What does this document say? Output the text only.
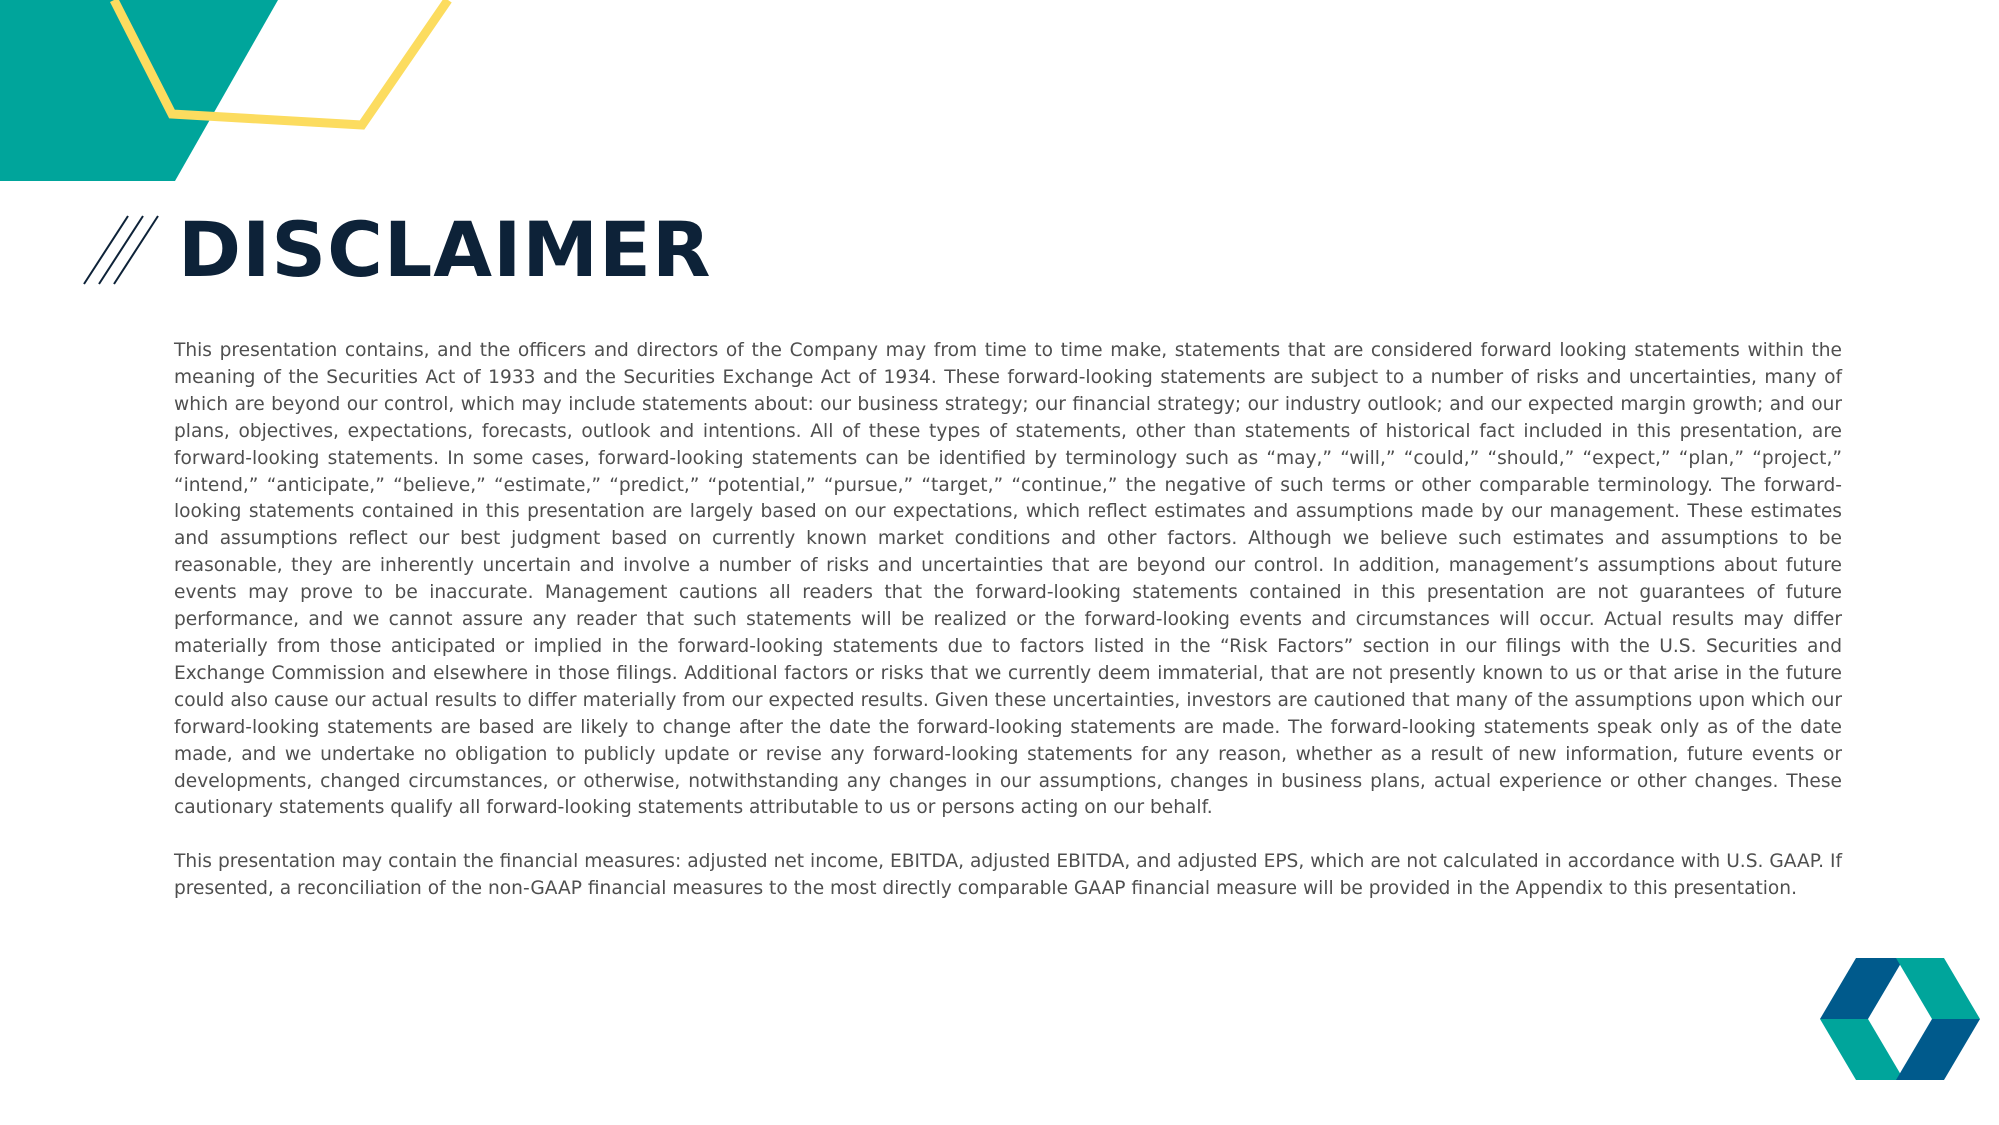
DISCLAIMER

This presentation contains, and the officers and directors of the Company may from time to time make, statements that are considered forward looking statements within the meaning of the Securities Act of 1933 and the Securities Exchange Act of 1934. These forward-looking statements are subject to a number of risks and uncertainties, many of which are beyond our control, which may include statements about: our business strategy; our financial strategy; our industry outlook; and our expected margin growth; and our plans, objectives, expectations, forecasts, outlook and intentions. All of these types of statements, other than statements of historical fact included in this presentation, are forward-looking statements. In some cases, forward-looking statements can be identified by terminology such as “may,” “will,” “could,” “should,” “expect,” “plan,” “project,” “intend,” “anticipate,” “believe,” “estimate,” “predict,” “potential,” “pursue,” “target,” “continue,” the negative of such terms or other comparable terminology. The forward-looking statements contained in this presentation are largely based on our expectations, which reflect estimates and assumptions made by our management. These estimates and assumptions reflect our best judgment based on currently known market conditions and other factors. Although we believe such estimates and assumptions to be reasonable, they are inherently uncertain and involve a number of risks and uncertainties that are beyond our control. In addition, management’s assumptions about future events may prove to be inaccurate. Management cautions all readers that the forward-looking statements contained in this presentation are not guarantees of future performance, and we cannot assure any reader that such statements will be realized or the forward-looking events and circumstances will occur. Actual results may differ materially from those anticipated or implied in the forward-looking statements due to factors listed in the “Risk Factors” section in our filings with the U.S. Securities and Exchange Commission and elsewhere in those filings. Additional factors or risks that we currently deem immaterial, that are not presently known to us or that arise in the future could also cause our actual results to differ materially from our expected results. Given these uncertainties, investors are cautioned that many of the assumptions upon which our forward-looking statements are based are likely to change after the date the forward-looking statements are made. The forward-looking statements speak only as of the date made, and we undertake no obligation to publicly update or revise any forward-looking statements for any reason, whether as a result of new information, future events or developments, changed circumstances, or otherwise, notwithstanding any changes in our assumptions, changes in business plans, actual experience or other changes. These cautionary statements qualify all forward-looking statements attributable to us or persons acting on our behalf.

This presentation may contain the financial measures: adjusted net income, EBITDA, adjusted EBITDA, and adjusted EPS, which are not calculated in accordance with U.S. GAAP. If presented, a reconciliation of the non-GAAP financial measures to the most directly comparable GAAP financial measure will be provided in the Appendix to this presentation.
